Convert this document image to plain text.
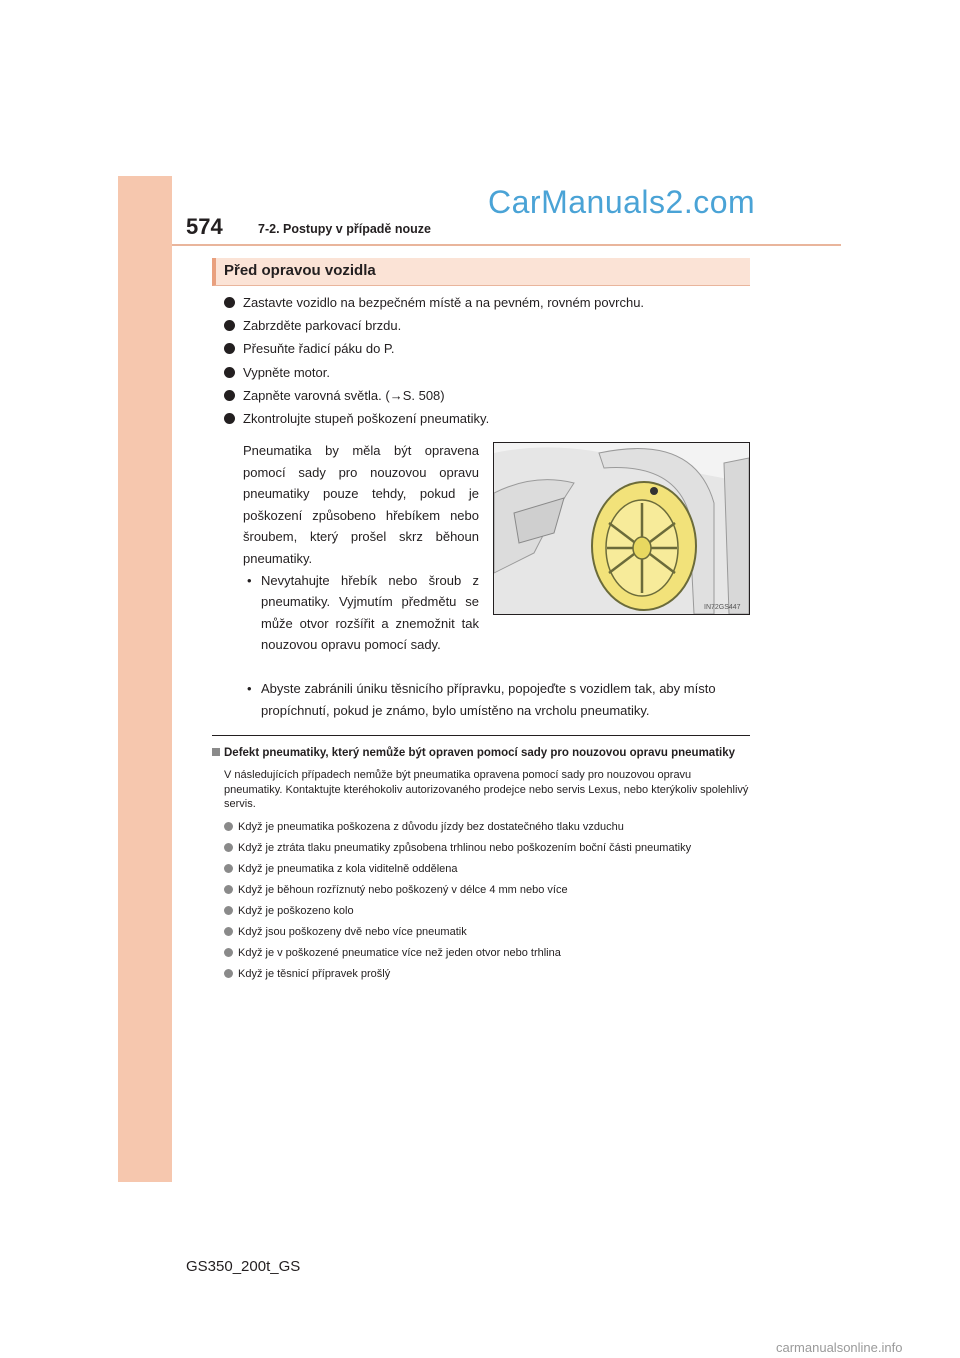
574	7-2. Postupy v případě nouze
CarManuals2.com
Před opravou vozidla
Zastavte vozidlo na bezpečném místě a na pevném, rovném povrchu.
Zabrzděte parkovací brzdu.
Přesuňte řadicí páku do P.
Vypněte motor.
Zapněte varovná světla. (→S. 508)
Zkontrolujte stupeň poškození pneumatiky.
Pneumatika by měla být opravena pomocí sady pro nouzovou opravu pneumatiky pouze tehdy, pokud je poškození způsobeno hřebíkem nebo šroubem, který prošel skrz běhoun pneumatiky.
• Nevytahujte hřebík nebo šroub z pneumatiky. Vyjmutím předmětu se může otvor rozšířit a znemožnit tak nouzovou opravu pomocí sady.
• Abyste zabránili úniku těsnicího přípravku, popojeďte s vozidlem tak, aby místo propíchnutí, pokud je známo, bylo umístěno na vrcholu pneumatiky.
IN72GS447
Defekt pneumatiky, který nemůže být opraven pomocí sady pro nouzovou opravu pneumatiky
V následujících případech nemůže být pneumatika opravena pomocí sady pro nouzovou opravu pneumatiky. Kontaktujte kteréhokoliv autorizovaného prodejce nebo servis Lexus, nebo kterýkoliv spolehlivý servis.
Když je pneumatika poškozena z důvodu jízdy bez dostatečného tlaku vzduchu
Když je ztráta tlaku pneumatiky způsobena trhlinou nebo poškozením boční části pneumatiky
Když je pneumatika z kola viditelně oddělena
Když je běhoun rozříznutý nebo poškozený v délce 4 mm nebo více
Když je poškozeno kolo
Když jsou poškozeny dvě nebo více pneumatik
Když je v poškozené pneumatice více než jeden otvor nebo trhlina
Když je těsnicí přípravek prošlý
GS350_200t_GS
carmanualsonline.info
